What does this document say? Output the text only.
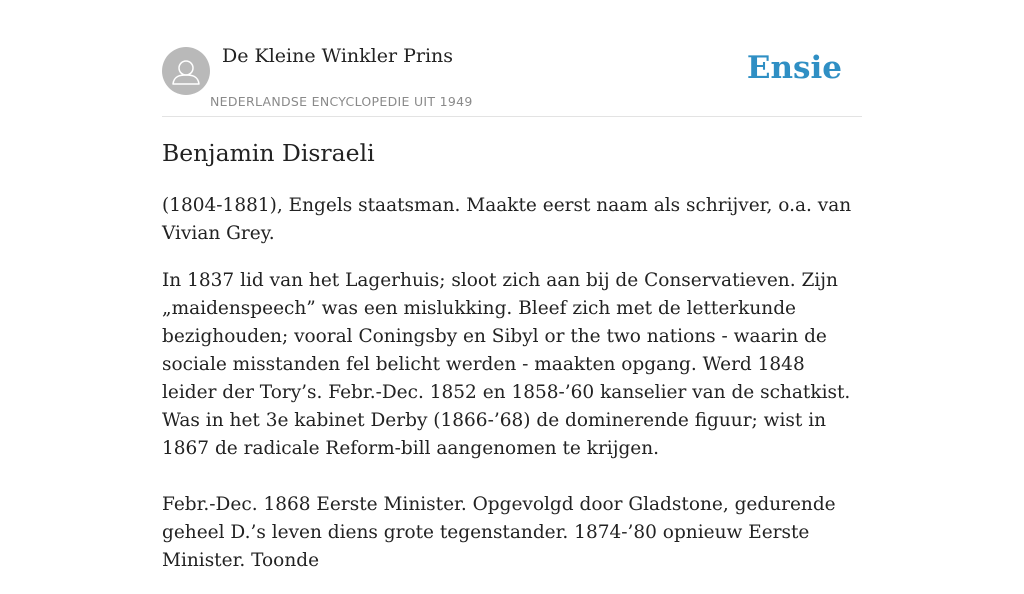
De Kleine Winkler Prins
NEDERLANDSE ENCYCLOPEDIE UIT 1949
Ensie
Benjamin Disraeli

(1804-1881), Engels staatsman. Maakte eerst naam als schrijver, o.a. van Vivian Grey.

In 1837 lid van het Lagerhuis; sloot zich aan bij de Conservatieven. Zijn „maidenspeech” was een mislukking. Bleef zich met de letterkunde bezighouden; vooral Coningsby en Sibyl or the two nations - waarin de sociale misstanden fel belicht werden - maakten opgang. Werd 1848 leider der Tory’s. Febr.-Dec. 1852 en 1858-’60 kanselier van de schatkist. Was in het 3e kabinet Derby (1866-’68) de dominerende figuur; wist in 1867 de radicale Reform-bill aangenomen te krijgen.

Febr.-Dec. 1868 Eerste Minister. Opgevolgd door Gladstone, gedurende geheel D.’s leven diens grote tegenstander. 1874-’80 opnieuw Eerste Minister. Toonde
